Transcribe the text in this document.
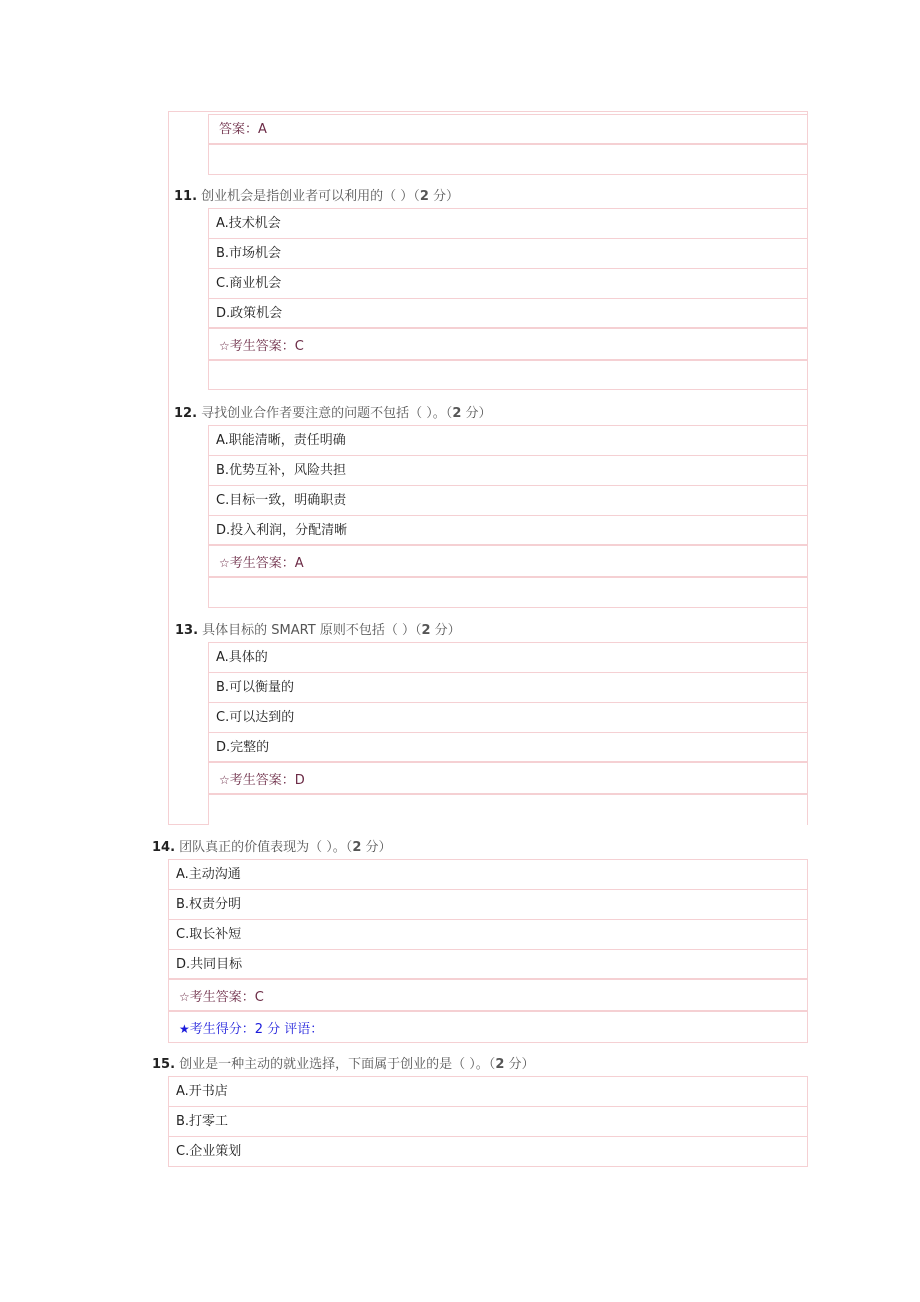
答案：A
11. 创业机会是指创业者可以利用的（ ）（2 分）
A.技术机会
B.市场机会
C.商业机会
D.政策机会
☆考生答案：C
12. 寻找创业合作者要注意的问题不包括（ ）。（2 分）
A.职能清晰，责任明确
B.优势互补，风险共担
C.目标一致，明确职责
D.投入利润，分配清晰
☆考生答案：A
13. 具体目标的 SMART 原则不包括（ ）（2 分）
A.具体的
B.可以衡量的
C.可以达到的
D.完整的
☆考生答案：D
14. 团队真正的价值表现为（ ）。（2 分）
A.主动沟通
B.权责分明
C.取长补短
D.共同目标
☆考生答案：C
★考生得分：2 分 评语：
15. 创业是一种主动的就业选择，下面属于创业的是（ ）。（2 分）
A.开书店
B.打零工
C.企业策划
